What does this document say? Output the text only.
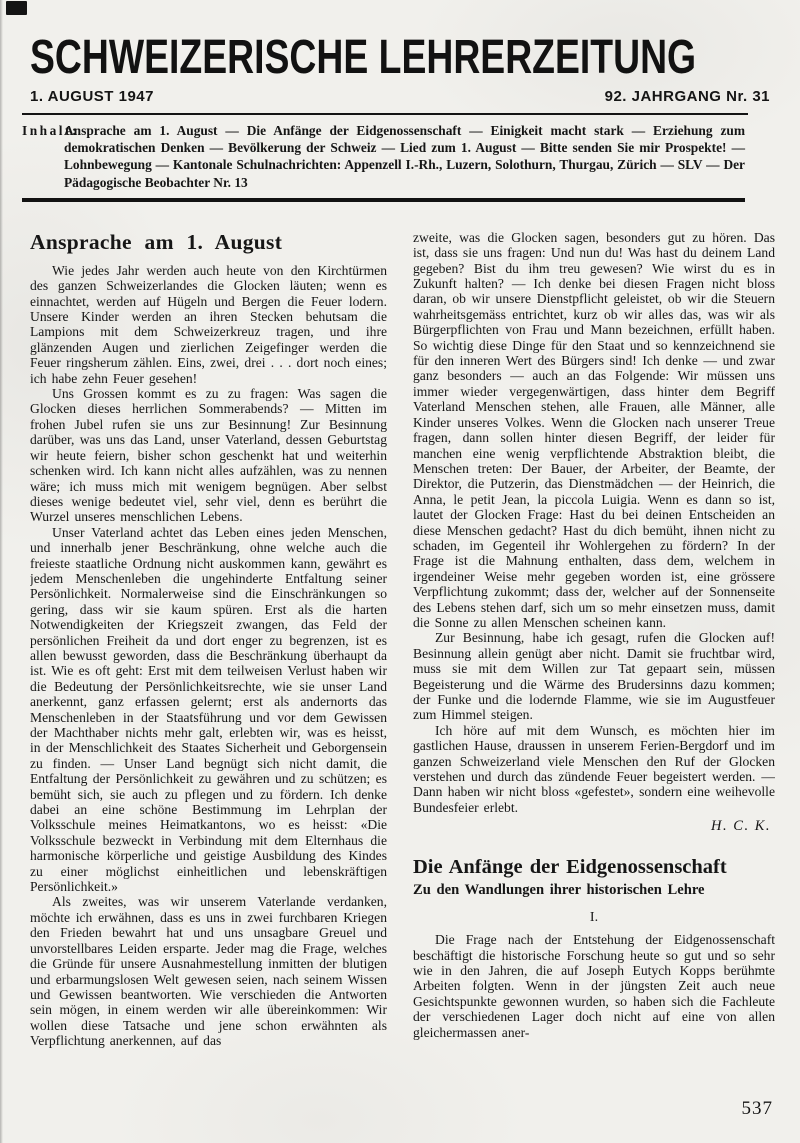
SCHWEIZERISCHE LEHRERZEITUNG
1. AUGUST 1947	92. JAHRGANG Nr. 31
Inhalt:
Ansprache am 1. August — Die Anfänge der Eidgenossenschaft — Einigkeit macht stark — Erziehung zum demokratischen Denken — Bevölkerung der Schweiz — Lied zum 1. August — Bitte senden Sie mir Prospekte! — Lohnbewegung — Kantonale Schulnachrichten: Appenzell I.-Rh., Luzern, Solothurn, Thurgau, Zürich — SLV — Der Pädagogische Beobachter Nr. 13
Ansprache am 1. August

Wie jedes Jahr werden auch heute von den Kirchtürmen des ganzen Schweizerlandes die Glocken läuten; wenn es einnachtet, werden auf Hügeln und Bergen die Feuer lodern. Unsere Kinder werden an ihren Stecken behutsam die Lampions mit dem Schweizerkreuz tragen, und ihre glänzenden Augen und zierlichen Zeigefinger werden die Feuer ringsherum zählen. Eins, zwei, drei . . . dort noch eines; ich habe zehn Feuer gesehen!

Uns Grossen kommt es zu zu fragen: Was sagen die Glocken dieses herrlichen Sommerabends? — Mitten im frohen Jubel rufen sie uns zur Besinnung! Zur Besinnung darüber, was uns das Land, unser Vaterland, dessen Geburtstag wir heute feiern, bisher schon geschenkt hat und weiterhin schenken wird. Ich kann nicht alles aufzählen, was zu nennen wäre; ich muss mich mit wenigem begnügen. Aber selbst dieses wenige bedeutet viel, sehr viel, denn es berührt die Wurzel unseres menschlichen Lebens.

Unser Vaterland achtet das Leben eines jeden Menschen, und innerhalb jener Beschränkung, ohne welche auch die freieste staatliche Ordnung nicht auskommen kann, gewährt es jedem Menschenleben die ungehinderte Entfaltung seiner Persönlichkeit. Normalerweise sind die Einschränkungen so gering, dass wir sie kaum spüren. Erst als die harten Notwendigkeiten der Kriegszeit zwangen, das Feld der persönlichen Freiheit da und dort enger zu begrenzen, ist es allen bewusst geworden, dass die Beschränkung überhaupt da ist. Wie es oft geht: Erst mit dem teilweisen Verlust haben wir die Bedeutung der Persönlichkeitsrechte, wie sie unser Land anerkennt, ganz erfassen gelernt; erst als andernorts das Menschenleben in der Staatsführung und vor dem Gewissen der Machthaber nichts mehr galt, erlebten wir, was es heisst, in der Menschlichkeit des Staates Sicherheit und Geborgensein zu finden. — Unser Land begnügt sich nicht damit, die Entfaltung der Persönlichkeit zu gewähren und zu schützen; es bemüht sich, sie auch zu pflegen und zu fördern. Ich denke dabei an eine schöne Bestimmung im Lehrplan der Volksschule meines Heimatkantons, wo es heisst: «Die Volksschule bezweckt in Verbindung mit dem Elternhaus die harmonische körperliche und geistige Ausbildung des Kindes zu einer möglichst einheitlichen und lebenskräftigen Persönlichkeit.»

Als zweites, was wir unserem Vaterlande verdanken, möchte ich erwähnen, dass es uns in zwei furchbaren Kriegen den Frieden bewahrt hat und uns unsagbare Greuel und unvorstellbares Leiden ersparte. Jeder mag die Frage, welches die Gründe für unsere Ausnahmestellung inmitten der blutigen und erbarmungslosen Welt gewesen seien, nach seinem Wissen und Gewissen beantworten. Wie verschieden die Antworten sein mögen, in einem werden wir alle übereinkommen: Wir wollen diese Tatsache und jene schon erwähnten als Verpflichtung anerkennen, auf das

zweite, was die Glocken sagen, besonders gut zu hören. Das ist, dass sie uns fragen: Und nun du! Was hast du deinem Land gegeben? Bist du ihm treu gewesen? Wie wirst du es in Zukunft halten? — Ich denke bei diesen Fragen nicht bloss daran, ob wir unsere Dienstpflicht geleistet, ob wir die Steuern wahrheitsgemäss entrichtet, kurz ob wir alles das, was wir als Bürgerpflichten von Frau und Mann bezeichnen, erfüllt haben. So wichtig diese Dinge für den Staat und so kennzeichnend sie für den inneren Wert des Bürgers sind! Ich denke — und zwar ganz besonders — auch an das Folgende: Wir müssen uns immer wieder vergegenwärtigen, dass hinter dem Begriff Vaterland Menschen stehen, alle Frauen, alle Männer, alle Kinder unseres Volkes. Wenn die Glocken nach unserer Treue fragen, dann sollen hinter diesen Begriff, der leider für manchen eine wenig verpflichtende Abstraktion bleibt, die Menschen treten: Der Bauer, der Arbeiter, der Beamte, der Direktor, die Putzerin, das Dienstmädchen — der Heinrich, die Anna, le petit Jean, la piccola Luigia. Wenn es dann so ist, lautet der Glocken Frage: Hast du bei deinen Entscheiden an diese Menschen gedacht? Hast du dich bemüht, ihnen nicht zu schaden, im Gegenteil ihr Wohlergehen zu fördern? In der Frage ist die Mahnung enthalten, dass dem, welchem in irgendeiner Weise mehr gegeben worden ist, eine grössere Verpflichtung zukommt; dass der, welcher auf der Sonnenseite des Lebens stehen darf, sich um so mehr einsetzen muss, damit die Sonne zu allen Menschen scheinen kann.

Zur Besinnung, habe ich gesagt, rufen die Glocken auf! Besinnung allein genügt aber nicht. Damit sie fruchtbar wird, muss sie mit dem Willen zur Tat gepaart sein, müssen Begeisterung und die Wärme des Brudersinns dazu kommen; der Funke und die lodernde Flamme, wie sie im Augustfeuer zum Himmel steigen.

Ich höre auf mit dem Wunsch, es möchten hier im gastlichen Hause, draussen in unserem Ferien-Bergdorf und im ganzen Schweizerland viele Menschen den Ruf der Glocken verstehen und durch das zündende Feuer begeistert werden. — Dann haben wir nicht bloss «gefestet», sondern eine weihevolle Bundesfeier erlebt.

H. C. K.
Die Anfänge der Eidgenossenschaft
Zu den Wandlungen ihrer historischen Lehre
I.

Die Frage nach der Entstehung der Eidgenossenschaft beschäftigt die historische Forschung heute so gut und so sehr wie in den Jahren, die auf Joseph Eutych Kopps berühmte Arbeiten folgten. Wenn in der jüngsten Zeit auch neue Gesichtspunkte gewonnen wurden, so haben sich die Fachleute der verschiedenen Lager doch nicht auf eine von allen gleichermassen aner-

537
